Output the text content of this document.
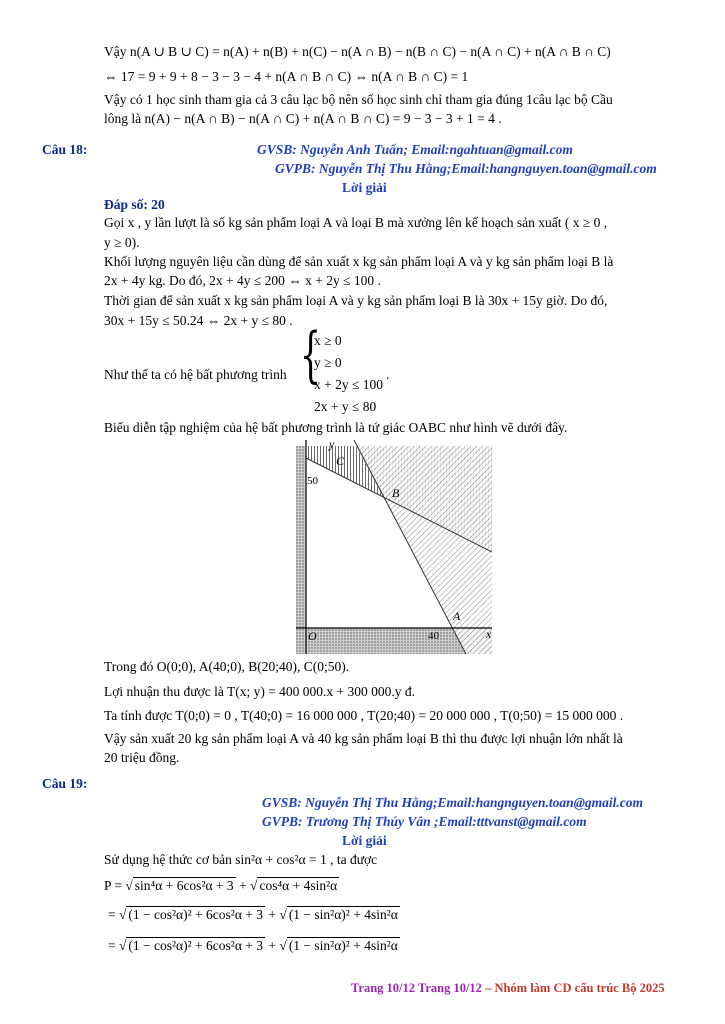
Vậy n(A ∪ B ∪ C) = n(A) + n(B) + n(C) − n(A ∩ B) − n(B ∩ C) − n(A ∩ C) + n(A ∩ B ∩ C)
⇔ 17 = 9 + 9 + 8 − 3 − 3 − 4 + n(A ∩ B ∩ C) ⇔ n(A ∩ B ∩ C) = 1
Vậy có 1 học sinh tham gia cả 3 câu lạc bộ nên số học sinh chỉ tham gia đúng 1câu lạc bộ Cầu
lông là n(A) − n(A ∩ B) − n(A ∩ C) + n(A ∩ B ∩ C) = 9 − 3 − 3 + 1 = 4 .
Câu 18:	GVSB: Nguyễn Anh Tuấn; Email:ngahtuan@gmail.com
GVPB: Nguyễn Thị Thu Hằng;Email:hangnguyen.toan@gmail.com
Lời giải
Đáp số: 20
Gọi x , y lần lượt là số kg sản phẩm loại A và loại B mà xưởng lên kế hoạch sản xuất ( x ≥ 0 ,
y ≥ 0).
Khối lượng nguyên liệu cần dùng để sản xuất x kg sản phẩm loại A và y kg sản phẩm loại B là
2x + 4y kg. Do đó, 2x + 4y ≤ 200 ⇔ x + 2y ≤ 100 .
Thời gian để sản xuất x kg sản phẩm loại A và y kg sản phẩm loại B là 30x + 15y giờ. Do đó,
30x + 15y ≤ 50.24 ⇔ 2x + y ≤ 80 .
Như thế ta có hệ bất phương trình {
x ≥ 0
y ≥ 0
x + 2y ≤ 100
2x + y ≤ 80
.
Biểu diễn tập nghiệm của hệ bất phương trình là tứ giác OABC như hình vẽ dưới đây.
y
x
O
A
B
C
50
40
Trong đó O(0;0), A(40;0), B(20;40), C(0;50).
Lợi nhuận thu được là T(x; y) = 400 000.x + 300 000.y đ.
Ta tính được T(0;0) = 0 , T(40;0) = 16 000 000 , T(20;40) = 20 000 000 , T(0;50) = 15 000 000 .
Vậy sản xuất 20 kg sản phẩm loại A và 40 kg sản phẩm loại B thì thu được lợi nhuận lớn nhất là
20 triệu đồng.
Câu 19:
GVSB: Nguyễn Thị Thu Hằng;Email:hangnguyen.toan@gmail.com
GVPB: Trương Thị Thúy Vân ;Email:tttvanst@gmail.com
Lời giải
Sử dụng hệ thức cơ bản sin²α + cos²α = 1 , ta được
P = √ sin⁴α + 6cos²α + 3 + √ cos⁴α + 4sin²α
= √ (1 − cos²α)² + 6cos²α + 3 + √ (1 − sin²α)² + 4sin²α
= √ (1 − cos²α)² + 6cos²α + 3 + √ (1 − sin²α)² + 4sin²α
Trang 10/12 Trang 10/12 – Nhóm làm CD cấu trúc Bộ 2025
